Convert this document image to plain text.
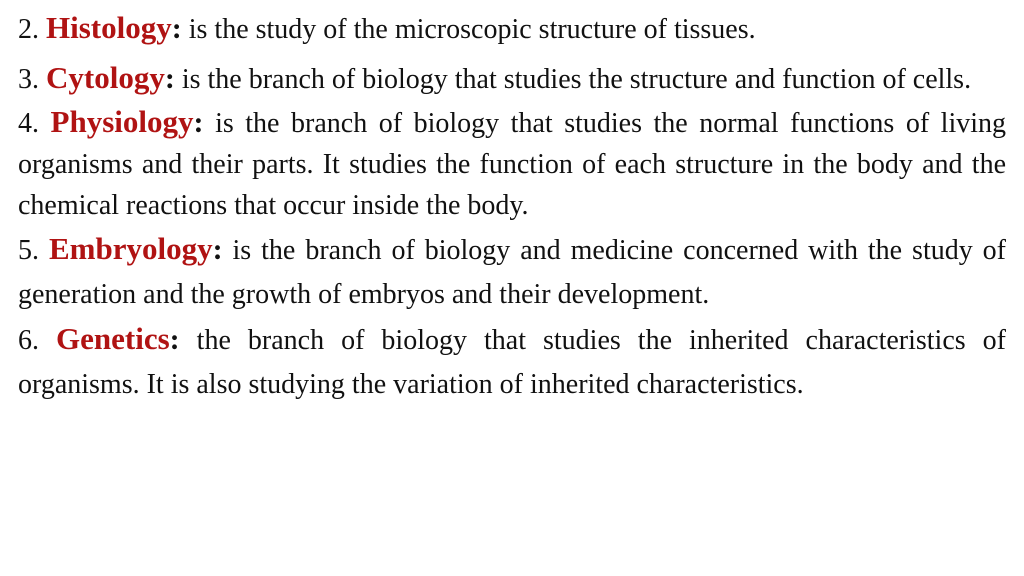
2. Histology: is the study of the microscopic structure of tissues.

3. Cytology: is the branch of biology that studies the structure and function of cells.

4. Physiology: is the branch of biology that studies the normal functions of living organisms and their parts. It studies the function of each structure in the body and the chemical reactions that occur inside the body.

5. Embryology: is the branch of biology and medicine concerned with the study of generation and the growth of embryos and their development.

6. Genetics: the branch of biology that studies the inherited characteristics of organisms. It is also studying the variation of inherited characteristics.
